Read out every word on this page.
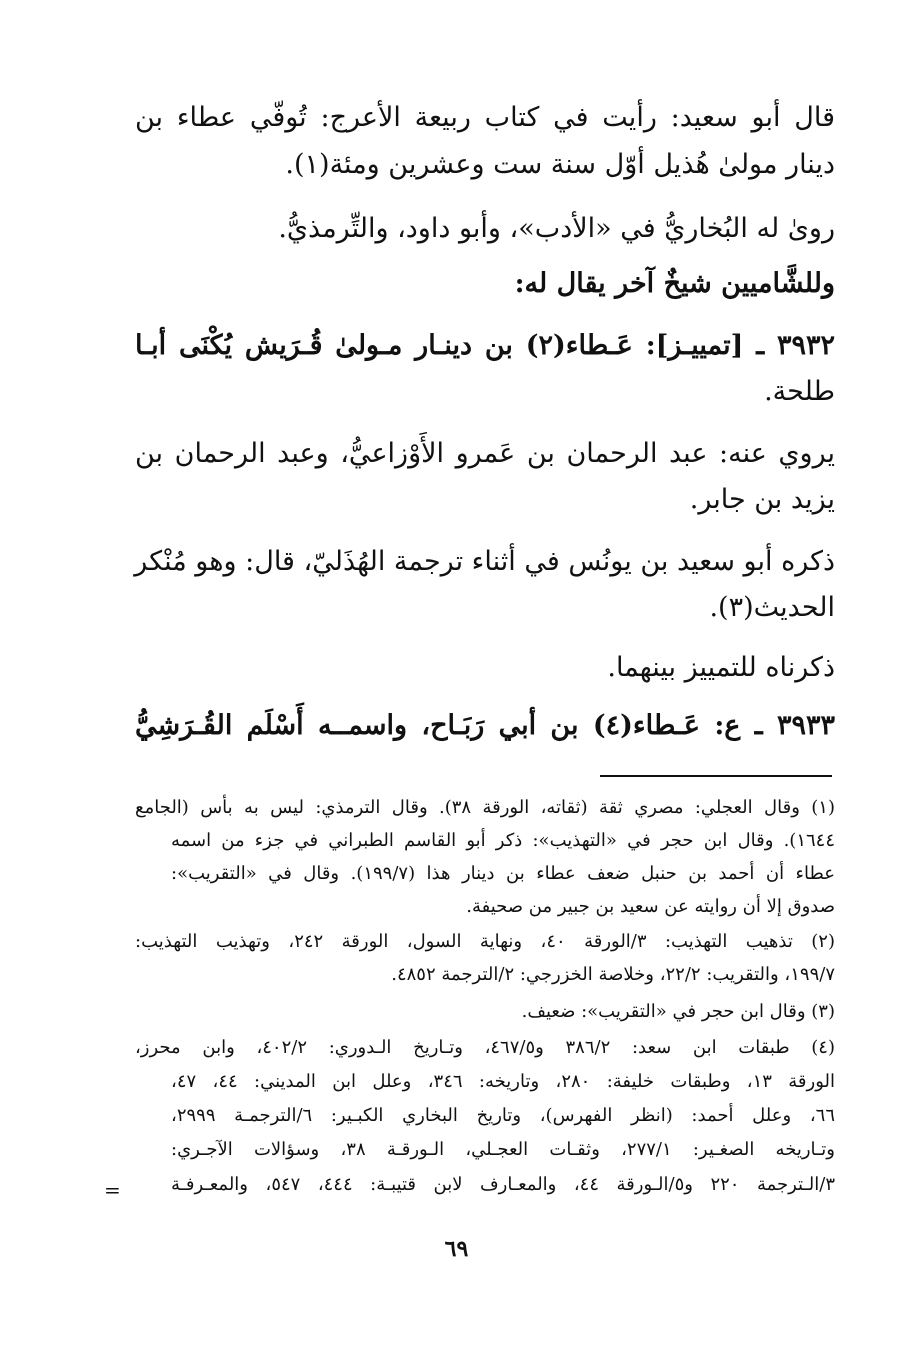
قال أبو سعيد: رأيت في كتاب ربيعة الأعرج: تُوفّي عطاء بن
دينار مولىٰ هُذيل أوّل سنة ست وعشرين ومئة(١).
روىٰ له البُخاريُّ في «الأدب»، وأبو داود، والتِّرمذيُّ.
وللشَّاميين شيخٌ آخر يقال له:
٣٩٣٢ ـ [تمييـز]: عَـطاء(٢) بن دينـار مـولىٰ قُـرَيش يُكْنَى أبـا
طلحة.
يروي عنه: عبد الرحمان بن عَمرو الأَوْزاعيُّ، وعبد الرحمان بن
يزيد بن جابر.
ذكره أبو سعيد بن يونُس في أثناء ترجمة الهُذَليّ، قال: وهو مُنْكر
الحديث(٣).
ذكرناه للتمييز بينهما.
٣٩٣٣ ـ ع: عَـطاء(٤) بن أبي رَبَـاح، واسمــه أَسْلَم القُـرَشِيُّ
(١) وقال العجلي: مصري ثقة (ثقاته، الورقة ٣٨). وقال الترمذي: ليس به بأس (الجامع
١٦٤٤). وقال ابن حجر في «التهذيب»: ذكر أبو القاسم الطبراني في جزء من اسمه
عطاء أن أحمد بن حنبل ضعف عطاء بن دينار هذا (١٩٩/٧). وقال في «التقريب»:
صدوق إلا أن روايته عن سعيد بن جبير من صحيفة.
(٢) تذهيب التهذيب: ٣/الورقة ٤٠، ونهاية السول، الورقة ٢٤٢، وتهذيب التهذيب:
١٩٩/٧، والتقريب: ٢٢/٢، وخلاصة الخزرجي: ٢/الترجمة ٤٨٥٢.
(٣) وقال ابن حجر في «التقريب»: ضعيف.
(٤) طبقات ابن سعد: ٣٨٦/٢ و٤٦٧/٥، وتـاريخ الـدوري: ٤٠٢/٢، وابن محرز،
الورقة ١٣، وطبقات خليفة: ٢٨٠، وتاريخه: ٣٤٦، وعلل ابن المديني: ٤٤، ٤٧،
٦٦، وعلل أحمد: (انظر الفهرس)، وتاريخ البخاري الكبـير: ٦/الترجمـة ٢٩٩٩،
وتـاريخه الصغـير: ٢٧٧/١، وثقـات العجـلي، الـورقـة ٣٨، وسؤالات الآجـري:
٣/الـترجمة ٢٢٠ و٥/الـورقة ٤٤، والمعـارف لابن قتيبـة: ٤٤٤، ٥٤٧، والمعـرفـة
=
٦٩
